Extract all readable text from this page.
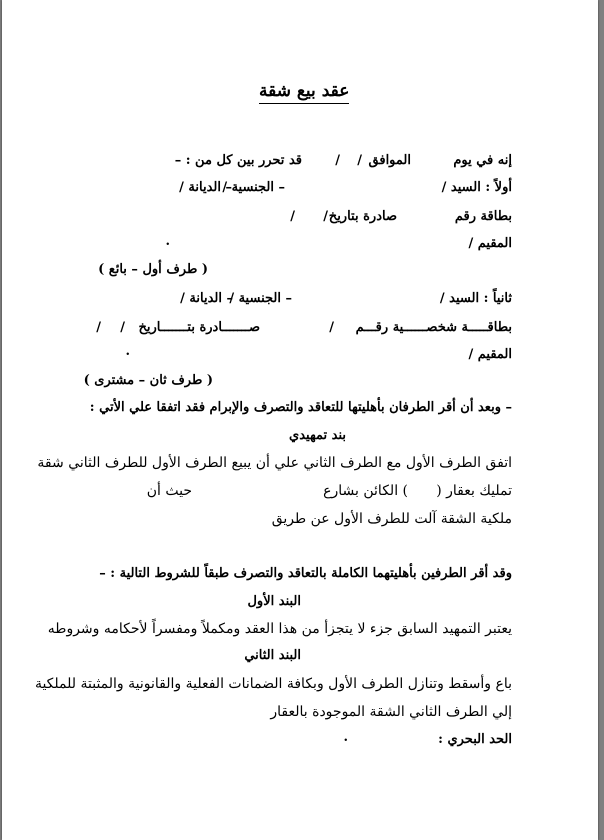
عقد بيع شقة
إنه في يوم
الموافق
/
/
قد تحرر بين كل من : –
أولاً : السيد /
– الجنسية /
– الديانة /
بطاقة رقم
صادرة بتاريخ
/
/
المقيم /
.
( طرف أول – بائع )
ثانياً : السيد /
– الجنسية /
– الديانة /
بطاقـــــة شخصــــــية رقـــم
/
صـــــــادرة بتـــــــاريخ
/
/
المقيم /
.
( طرف ثان – مشترى )
– وبعد أن أقر الطرفان بأهليتها للتعاقد والتصرف والإبرام فقد اتفقا علي الأتي :
بند تمهيدي
اتفق الطرف الأول مع الطرف الثاني علي أن يبيع الطرف الأول للطرف الثاني شقة
تمليك بعقار (
) الكائن بشارع
حيث أن
ملكية الشقة آلت للطرف الأول عن طريق
وقد أقر الطرفين بأهليتهما الكاملة بالتعاقد والتصرف طبقاً للشروط التالية : –
البند الأول
يعتبر التمهيد السابق جزء لا يتجزأ من هذا العقد ومكملاً ومفسراً لأحكامه وشروطه
البند الثاني
باع وأسقط وتنازل الطرف الأول وبكافة الضمانات الفعلية والقانونية والمثبتة للملكية
إلي الطرف الثاني الشقة الموجودة بالعقار
الحد البحري :
.
